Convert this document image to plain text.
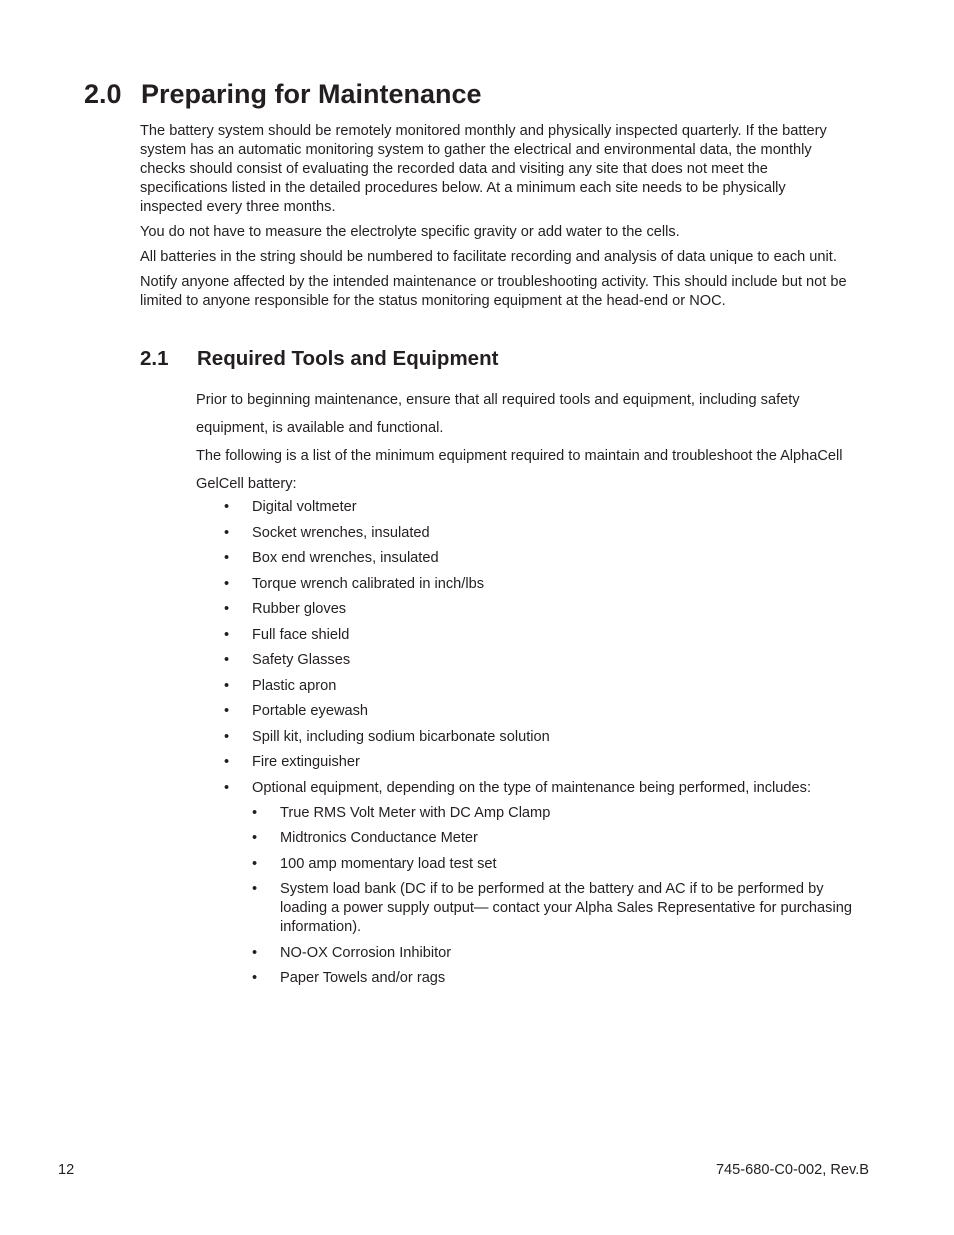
2.0 Preparing for Maintenance

The battery system should be remotely monitored monthly and physically inspected quarterly. If the battery system has an automatic monitoring system to gather the electrical and environmental data, the monthly checks should consist of evaluating the recorded data and visiting any site that does not meet the specifications listed in the detailed procedures below. At a minimum each site needs to be physically inspected every three months.

You do not have to measure the electrolyte specific gravity or add water to the cells.

All batteries in the string should be numbered to facilitate recording and analysis of data unique to each unit.

Notify anyone affected by the intended maintenance or troubleshooting activity. This should include but not be limited to anyone responsible for the status monitoring equipment at the head-end or NOC.

2.1 Required Tools and Equipment

Prior to beginning maintenance, ensure that all required tools and equipment, including safety equipment, is available and functional.

The following is a list of the minimum equipment required to maintain and troubleshoot the AlphaCell GelCell battery:

• Digital voltmeter
• Socket wrenches, insulated
• Box end wrenches, insulated
• Torque wrench calibrated in inch/lbs
• Rubber gloves
• Full face shield
• Safety Glasses
• Plastic apron
• Portable eyewash
• Spill kit, including sodium bicarbonate solution
• Fire extinguisher
• Optional equipment, depending on the type of maintenance being performed, includes:
• True RMS Volt Meter with DC Amp Clamp
• Midtronics Conductance Meter
• 100 amp momentary load test set
• System load bank (DC if to be performed at the battery and AC if to be performed by loading a power supply output— contact your Alpha Sales Representative for purchasing information).
• NO-OX Corrosion Inhibitor
• Paper Towels and/or rags
12	745-680-C0-002, Rev.B
